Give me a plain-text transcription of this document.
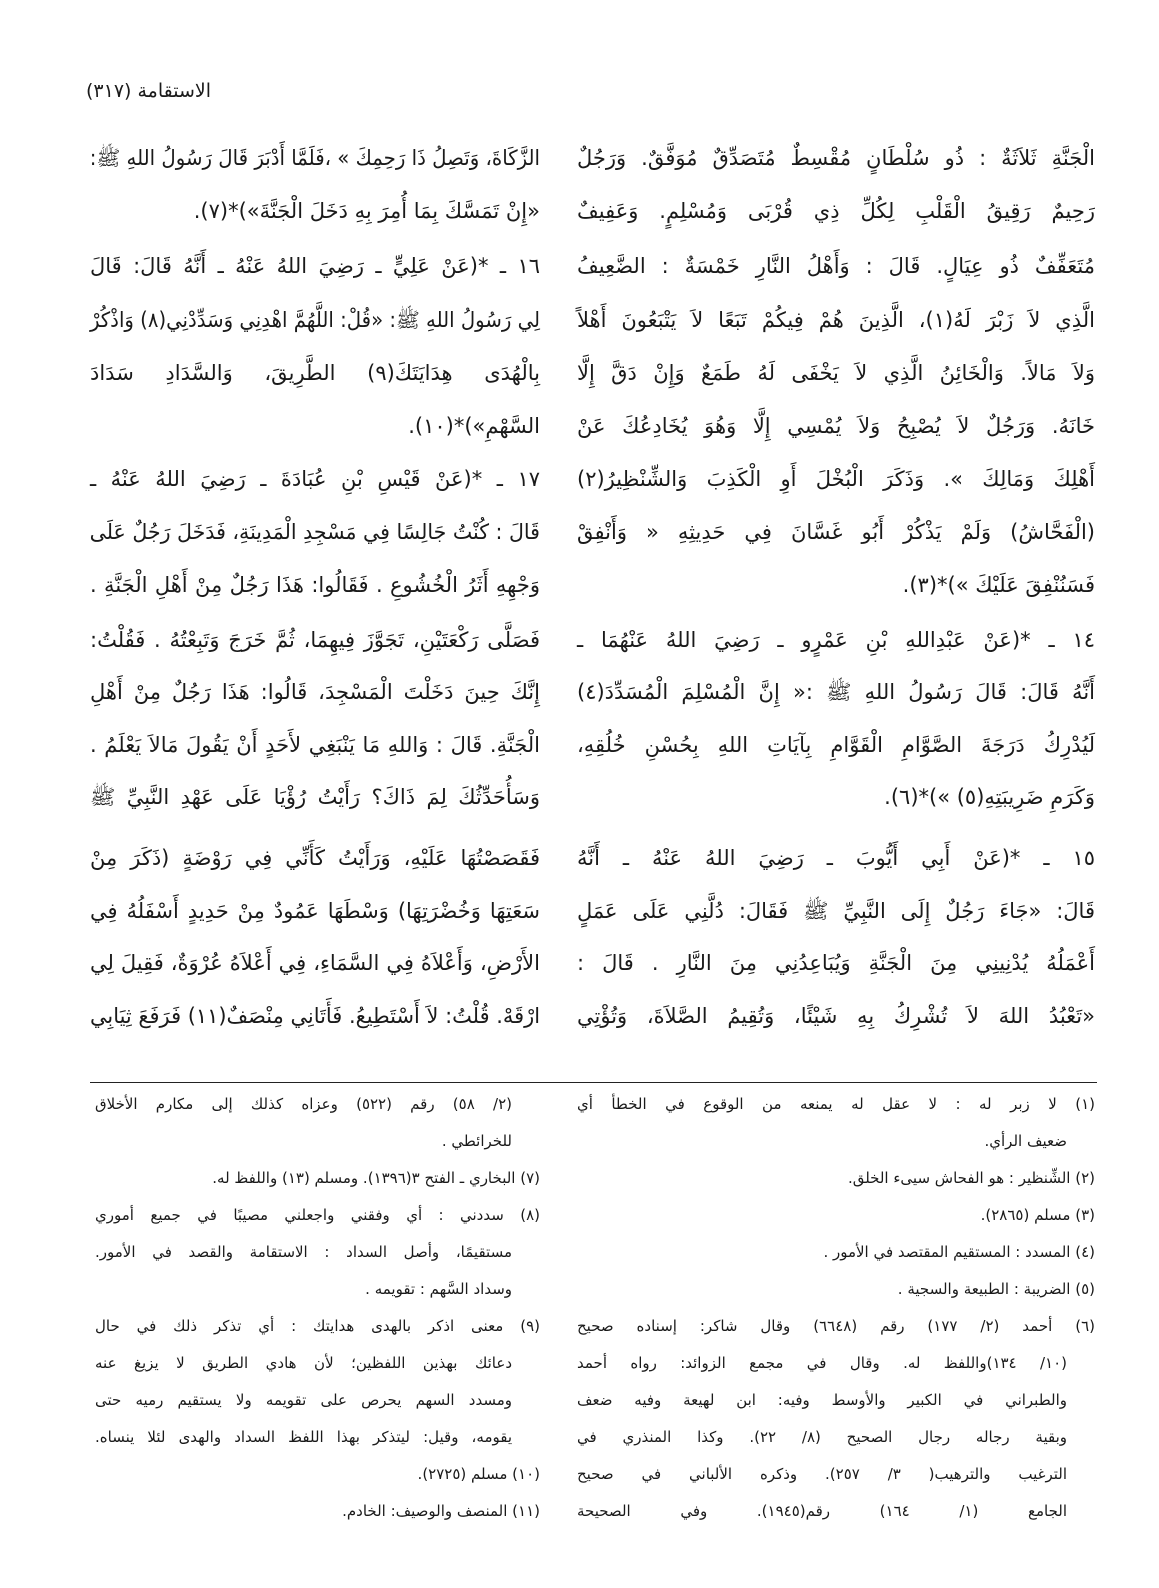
الاستقامة (٣١٧)
الْجَنَّةِ ثَلاَثَةٌ : ذُو سُلْطَانٍ مُقْسِطٌ مُتَصَدِّقٌ مُوَفَّقٌ. وَرَجُلٌ
رَحِيمٌ رَقِيقُ الْقَلْبِ لِكُلِّ ذِي قُرْبَى وَمُسْلِمٍ. وَعَفِيفٌ
مُتَعَفِّفٌ ذُو عِيَالٍ. قَالَ : وَأَهْلُ النَّارِ خَمْسَةٌ : الضَّعِيفُ
الَّذِي لاَ زَبْرَ لَهُ(١)، الَّذِينَ هُمْ فِيكُمْ تَبَعًا لاَ يَتْبَعُونَ أَهْلاً
وَلاَ مَالاً. وَالْخَائِنُ الَّذِي لاَ يَخْفَى لَهُ طَمَعٌ وَإِنْ دَقَّ إِلَّا
خَانَهُ. وَرَجُلٌ لاَ يُصْبِحُ وَلاَ يُمْسِي إِلَّا وَهُوَ يُخَادِعُكَ عَنْ
أَهْلِكَ وَمَالِكَ ». وَذَكَرَ الْبُخْلَ أَوِ الْكَذِبَ وَالشِّنْظِيرُ(٢)
(الْفَحَّاشُ) وَلَمْ يَذْكُرْ أَبُو غَسَّانَ فِي حَدِيثِهِ « وَأَنْفِقْ
فَسَنُنْفِقَ عَلَيْكَ »)*(٣).
١٤ ـ *(عَنْ عَبْدِاللهِ بْنِ عَمْرٍو ـ رَضِيَ اللهُ عَنْهُمَا ـ
أَنَّهُ قَالَ: قَالَ رَسُولُ اللهِ ﷺ :« إِنَّ الْمُسْلِمَ الْمُسَدِّدَ(٤)
لَيُدْرِكُ دَرَجَةَ الصَّوَّامِ الْقَوَّامِ بِآيَاتِ اللهِ بِحُسْنِ خُلُقِهِ،
وَكَرَمِ ضَرِيبَتِهِ(٥) »)*(٦).
١٥ ـ *(عَنْ أَبِي أَيُّوبَ ـ رَضِيَ اللهُ عَنْهُ ـ أَنَّهُ
قَالَ: «جَاءَ رَجُلٌ إِلَى النَّبِيِّ ﷺ فَقَالَ: دُلَّنِي عَلَى عَمَلٍ
أَعْمَلُهُ يُدْنِينِي مِنَ الْجَنَّةِ وَيُبَاعِدُنِي مِنَ النَّارِ . قَالَ :
«تَعْبُدُ اللهَ لاَ تُشْرِكُ بِهِ شَيْئًا، وَتُقِيمُ الصَّلاَةَ، وَتُؤْتِي
الزَّكَاةَ، وَتَصِلُ ذَا رَحِمِكَ » ،فَلَمَّا أَدْبَرَ قَالَ رَسُولُ اللهِ ﷺ:
«إِنْ تَمَسَّكَ بِمَا أُمِرَ بِهِ دَخَلَ الْجَنَّةَ»)*(٧).
١٦ ـ *(عَنْ عَلِيٍّ ـ رَضِيَ اللهُ عَنْهُ ـ أَنَّهُ قَالَ: قَالَ
لِي رَسُولُ اللهِ ﷺ: «قُلْ: اللَّهُمَّ اهْدِنِي وَسَدِّدْنِي(٨) وَاذْكُرْ
بِالْهُدَى هِدَايَتَكَ(٩) الطَّرِيقَ، وَالسَّدَادِ سَدَادَ
السَّهْمِ»)*(١٠).
١٧ ـ *(عَنْ قَيْسِ بْنِ عُبَادَةَ ـ رَضِيَ اللهُ عَنْهُ ـ
قَالَ : كُنْتُ جَالِسًا فِي مَسْجِدِ الْمَدِينَةِ، فَدَخَلَ رَجُلٌ عَلَى
وَجْهِهِ أَثَرُ الْخُشُوعِ . فَقَالُوا: هَذَا رَجُلٌ مِنْ أَهْلِ الْجَنَّةِ .
فَصَلَّى رَكْعَتَيْنِ، تَجَوَّزَ فِيهِمَا، ثُمَّ خَرَجَ وَتَبِعْتُهُ . فَقُلْتُ:
إِنَّكَ حِينَ دَخَلْتَ الْمَسْجِدَ، قَالُوا: هَذَا رَجُلٌ مِنْ أَهْلِ
الْجَنَّةِ. قَالَ : وَاللهِ مَا يَنْبَغِي لأَحَدٍ أَنْ يَقُولَ مَالاَ يَعْلَمُ .
وَسَأُحَدِّثُكَ لِمَ ذَاكَ؟ رَأَيْتُ رُؤْيَا عَلَى عَهْدِ النَّبِيِّ ﷺ
فَقَصَصْتُهَا عَلَيْهِ، وَرَأَيْتُ كَأَنِّي فِي رَوْضَةٍ (ذَكَرَ مِنْ
سَعَتِهَا وَخُضْرَتِهَا) وَسْطَهَا عَمُودٌ مِنْ حَدِيدٍ أَسْفَلُهُ فِي
الأَرْضِ، وَأَعْلاَهُ فِي السَّمَاءِ، فِي أَعْلاَهُ عُرْوَةٌ، فَقِيلَ لِي
ارْقَهْ. قُلْتُ: لاَ أَسْتَطِيعُ. فَأَتَانِي مِنْصَفٌ(١١) فَرَفَعَ ثِيَابِي
(١) لا زبر له : لا عقل له يمنعه من الوقوع في الخطأ أي
ضعيف الرأي.
(٢) الشِّنظير : هو الفحاش سيىء الخلق.
(٣) مسلم (٢٨٦٥).
(٤) المسدد : المستقيم المقتصد في الأمور .
(٥) الضريبة : الطبيعة والسجية .
(٦) أحمد (٢/ ١٧٧) رقم (٦٦٤٨) وقال شاكر: إسناده صحيح
(١٠/ ١٣٤)واللفظ له. وقال في مجمع الزوائد: رواه أحمد
والطبراني في الكبير والأوسط وفيه: ابن لهيعة وفيه ضعف
وبقية رجاله رجال الصحيح (٨/ ٢٢). وكذا المنذري في
الترغيب والترهيب( ٣/ ٢٥٧). وذكره الألباني في صحيح
الجامع (١/ ١٦٤) رقم(١٩٤٥). وفي الصحيحة
(٢/ ٥٨) رقم (٥٢٢) وعزاه كذلك إلى مكارم الأخلاق
للخرائطي .
(٧) البخاري ـ الفتح ٣(١٣٩٦). ومسلم (١٣) واللفظ له.
(٨) سددني : أي وفقني واجعلني مصيبًا في جميع أموري
مستقيمًا، وأصل السداد : الاستقامة والقصد في الأمور.
وسداد السَّهم : تقويمه .
(٩) معنى اذكر بالهدى هدايتك : أي تذكر ذلك في حال
دعائك بهذين اللفظين؛ لأن هادي الطريق لا يزيغ عنه
ومسدد السهم يحرص على تقويمه ولا يستقيم رميه حتى
يقومه، وقيل: ليتذكر بهذا اللفظ السداد والهدى لئلا ينساه.
(١٠) مسلم (٢٧٢٥).
(١١) المنصف والوصيف: الخادم.
